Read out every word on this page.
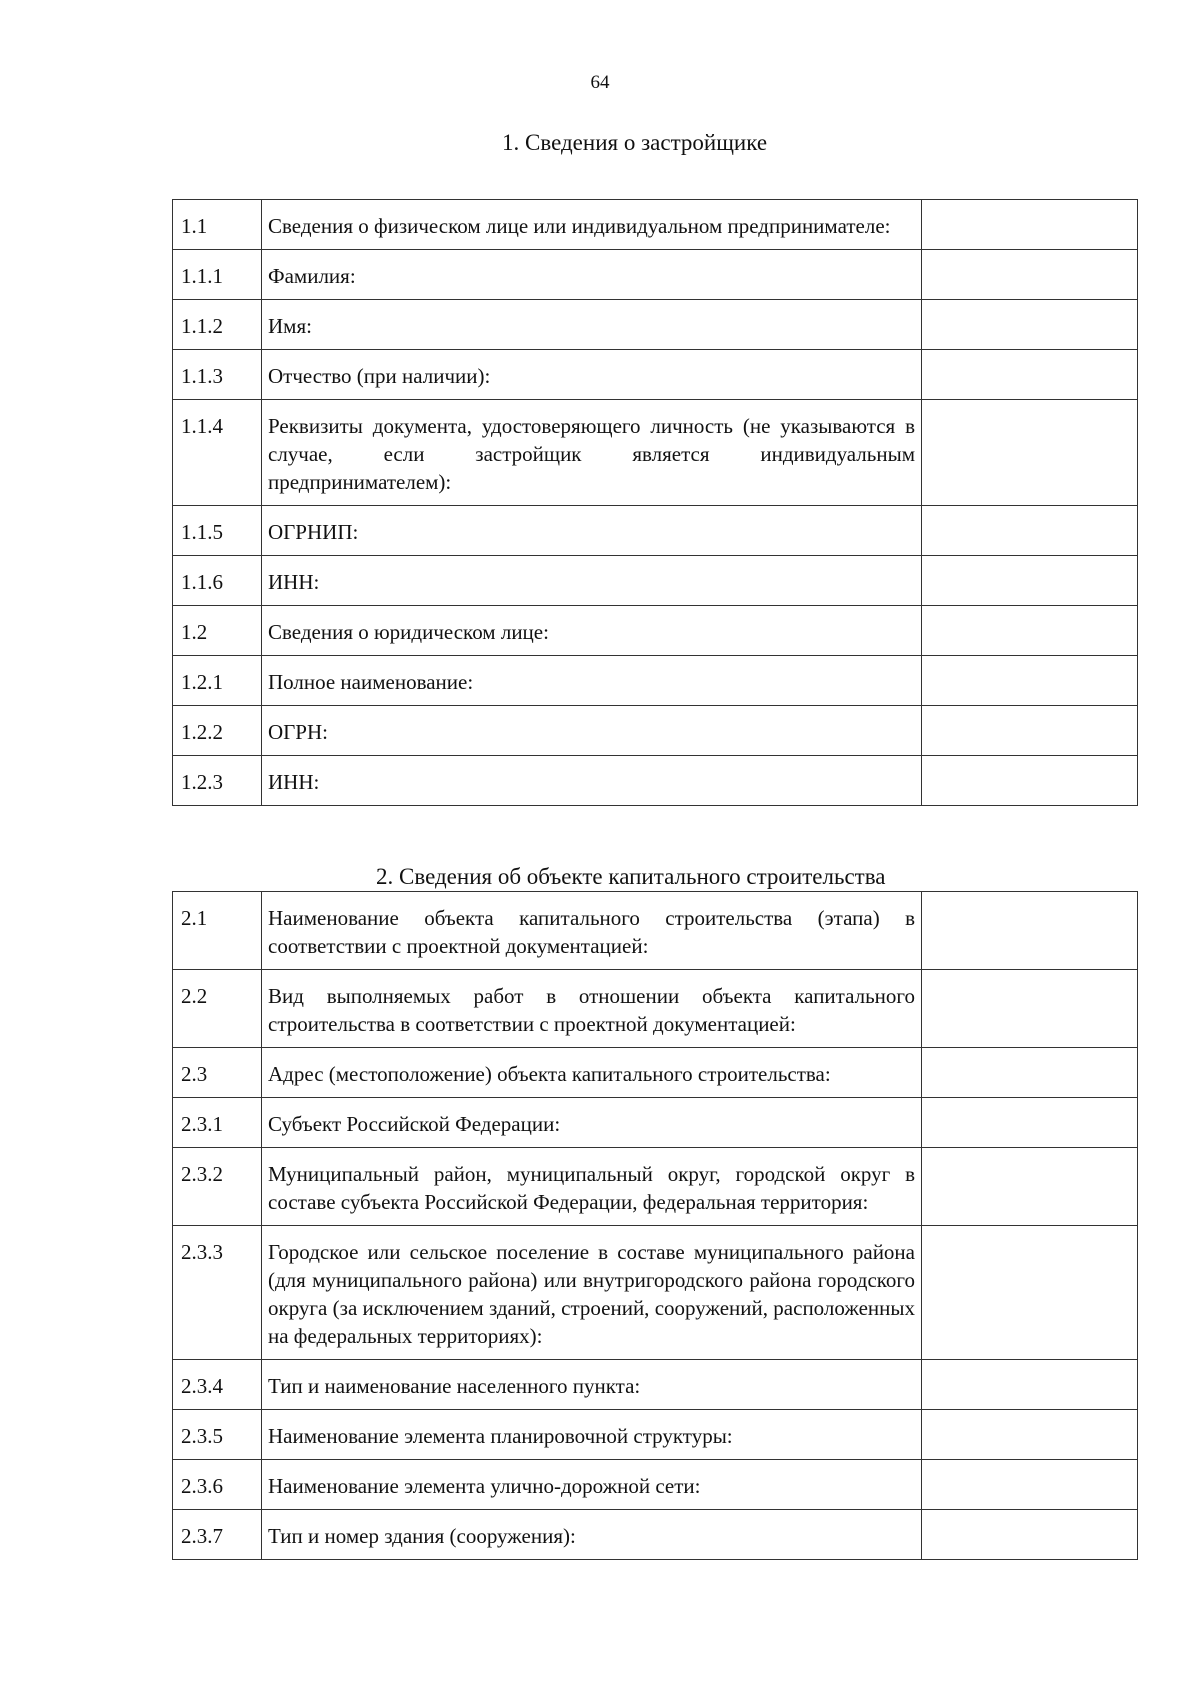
64
1. Сведения о застройщике
1.1	Сведения о физическом лице или индивидуальном предпринимателе:	
1.1.1	Фамилия:	
1.1.2	Имя:	
1.1.3	Отчество (при наличии):	
1.1.4	Реквизиты документа, удостоверяющего личность (не указываются в случае, если застройщик является индивидуальным предпринимателем):	
1.1.5	ОГРНИП:	
1.1.6	ИНН:	
1.2	Сведения о юридическом лице:	
1.2.1	Полное наименование:	
1.2.2	ОГРН:	
1.2.3	ИНН:	
2. Сведения об объекте капитального строительства
2.1	Наименование объекта капитального строительства (этапа) в соответствии с проектной документацией:	
2.2	Вид выполняемых работ в отношении объекта капитального строительства в соответствии с проектной документацией:	
2.3	Адрес (местоположение) объекта капитального строительства:	
2.3.1	Субъект Российской Федерации:	
2.3.2	Муниципальный район, муниципальный округ, городской округ в составе субъекта Российской Федерации, федеральная территория:	
2.3.3	Городское или сельское поселение в составе муниципального района (для муниципального района) или внутригородского района городского округа (за исключением зданий, строений, сооружений, расположенных на федеральных территориях):	
2.3.4	Тип и наименование населенного пункта:	
2.3.5	Наименование элемента планировочной структуры:	
2.3.6	Наименование элемента улично-дорожной сети:	
2.3.7	Тип и номер здания (сооружения):	
